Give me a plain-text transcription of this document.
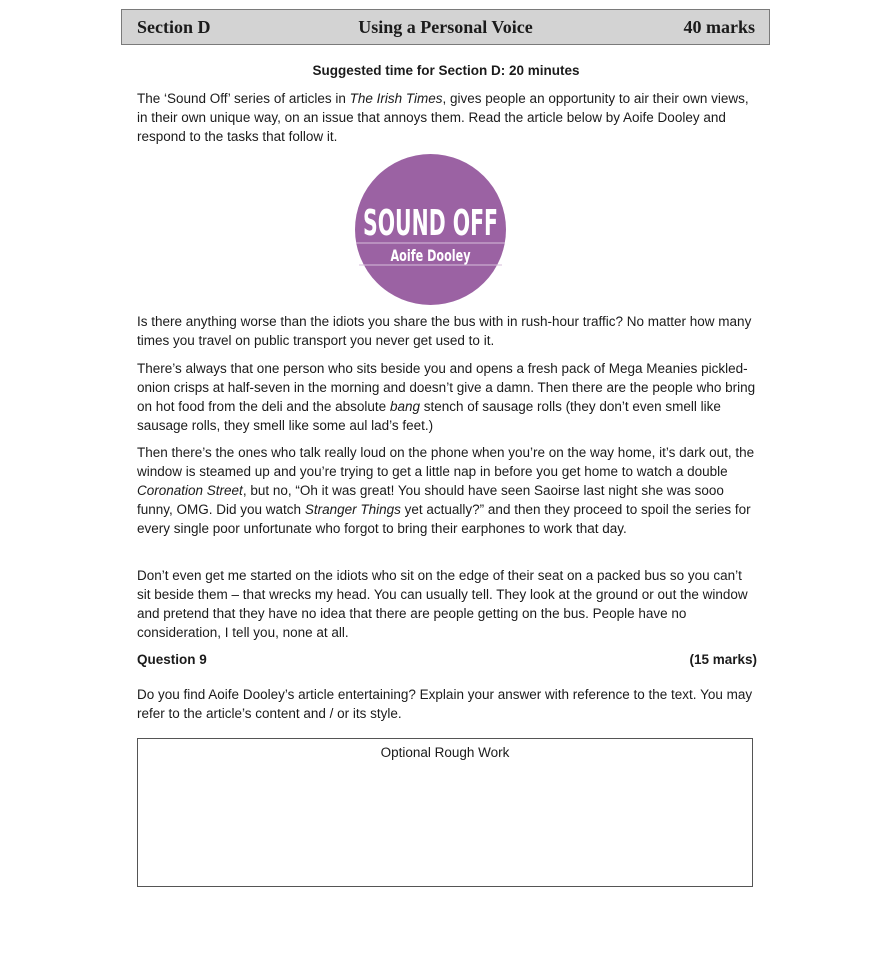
Section D	Using a Personal Voice	40 marks
Suggested time for Section D: 20 minutes

The ‘Sound Off’ series of articles in The Irish Times, gives people an opportunity to air their own views, in their own unique way, on an issue that annoys them. Read the article below by Aoife Dooley and respond to the tasks that follow it.

SOUND OFF
Aoife Dooley

Is there anything worse than the idiots you share the bus with in rush-hour traffic? No matter how many times you travel on public transport you never get used to it.

There’s always that one person who sits beside you and opens a fresh pack of Mega Meanies pickled-onion crisps at half-seven in the morning and doesn’t give a damn. Then there are the people who bring on hot food from the deli and the absolute bang stench of sausage rolls (they don’t even smell like sausage rolls, they smell like some aul lad’s feet.)

Then there’s the ones who talk really loud on the phone when you’re on the way home, it’s dark out, the window is steamed up and you’re trying to get a little nap in before you get home to watch a double Coronation Street, but no, “Oh it was great! You should have seen Saoirse last night she was sooo funny, OMG. Did you watch Stranger Things yet actually?” and then they proceed to spoil the series for every single poor unfortunate who forgot to bring their earphones to work that day.

Don’t even get me started on the idiots who sit on the edge of their seat on a packed bus so you can’t sit beside them – that wrecks my head. You can usually tell. They look at the ground or out the window and pretend that they have no idea that there are people getting on the bus. People have no consideration, I tell you, none at all.

Question 9	(15 marks)

Do you find Aoife Dooley’s article entertaining? Explain your answer with reference to the text. You may refer to the article’s content and / or its style.

Optional Rough Work
